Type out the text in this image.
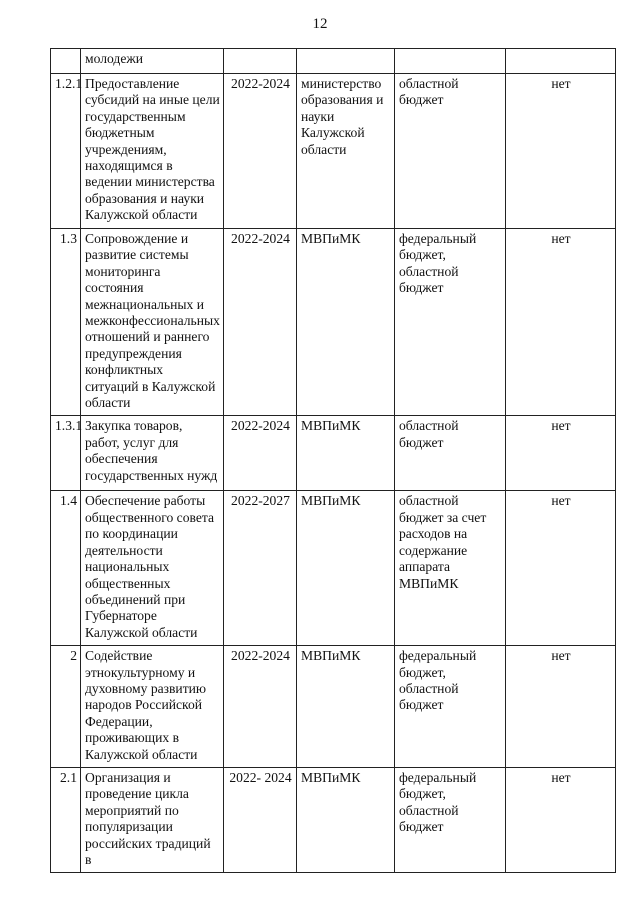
12
	молодежи				
1.2.1	Предоставление субсидий на иные цели государственным бюджетным учреждениям, находящимся в ведении министерства образования и науки Калужской области	2022-2024	министерство образования и науки Калужской области	областной бюджет	нет
1.3	Сопровождение и развитие системы мониторинга состояния межнациональных и межконфессиональных отношений и раннего предупреждения конфликтных ситуаций в Калужской области	2022-2024	МВПиМК	федеральный бюджет, областной бюджет	нет
1.3.1	Закупка товаров, работ, услуг для обеспечения государственных нужд	2022-2024	МВПиМК	областной бюджет	нет
1.4	Обеспечение работы общественного совета по координации деятельности национальных общественных объединений при Губернаторе Калужской области	2022-2027	МВПиМК	областной бюджет за счет расходов на содержание аппарата МВПиМК	нет
2	Содействие этнокультурному и духовному развитию народов Российской Федерации, проживающих в Калужской области	2022-2024	МВПиМК	федеральный бюджет, областной бюджет	нет
2.1	Организация и проведение цикла мероприятий по популяризации российских традиций в	2022- 2024	МВПиМК	федеральный бюджет, областной бюджет	нет
